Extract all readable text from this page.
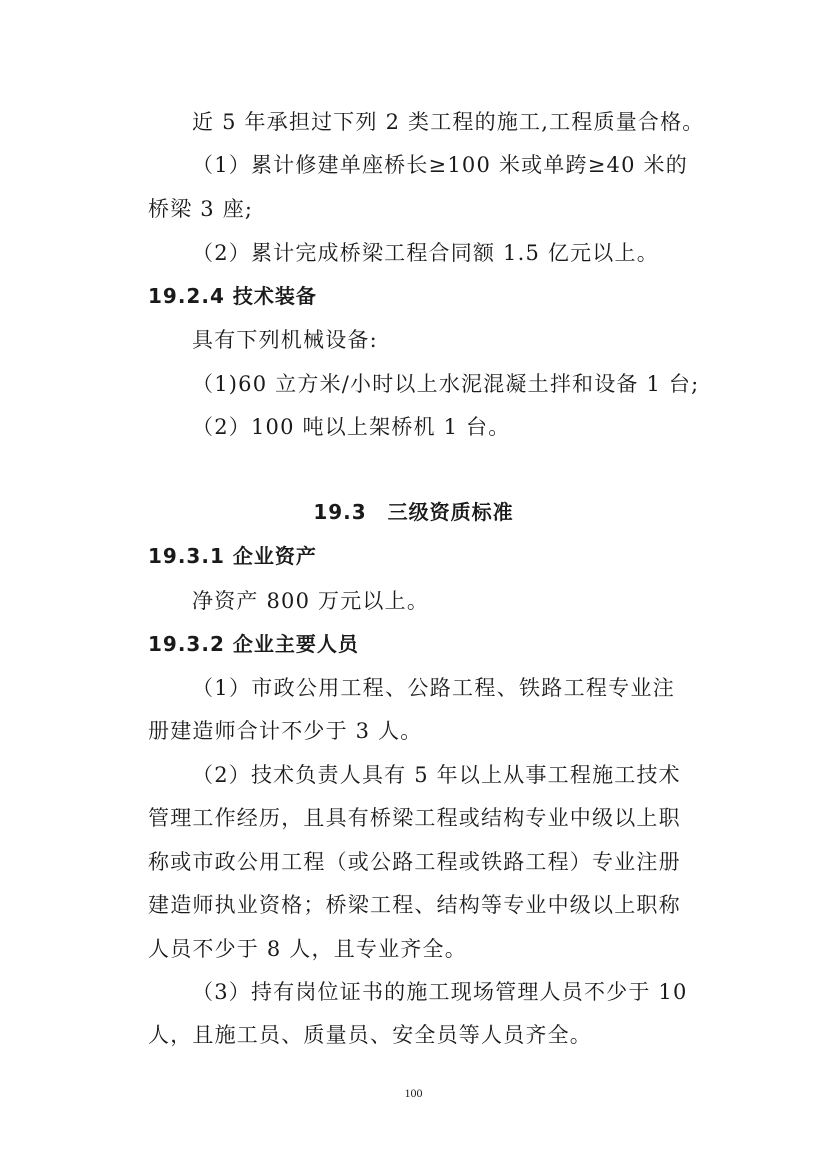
近 5 年承担过下列 2 类工程的施工,工程质量合格。
（1）累计修建单座桥长≥100 米或单跨≥40 米的
桥梁 3 座;
（2）累计完成桥梁工程合同额 1.5 亿元以上。
19.2.4 技术装备
具有下列机械设备:
（1)60 立方米/小时以上水泥混凝土拌和设备 1 台;
（2）100 吨以上架桥机 1 台。
19.3　三级资质标准
19.3.1 企业资产
净资产 800 万元以上。
19.3.2 企业主要人员
（1）市政公用工程、公路工程、铁路工程专业注
册建造师合计不少于 3 人。
（2）技术负责人具有 5 年以上从事工程施工技术
管理工作经历，且具有桥梁工程或结构专业中级以上职
称或市政公用工程（或公路工程或铁路工程）专业注册
建造师执业资格；桥梁工程、结构等专业中级以上职称
人员不少于 8 人，且专业齐全。
（3）持有岗位证书的施工现场管理人员不少于 10
人，且施工员、质量员、安全员等人员齐全。
100
